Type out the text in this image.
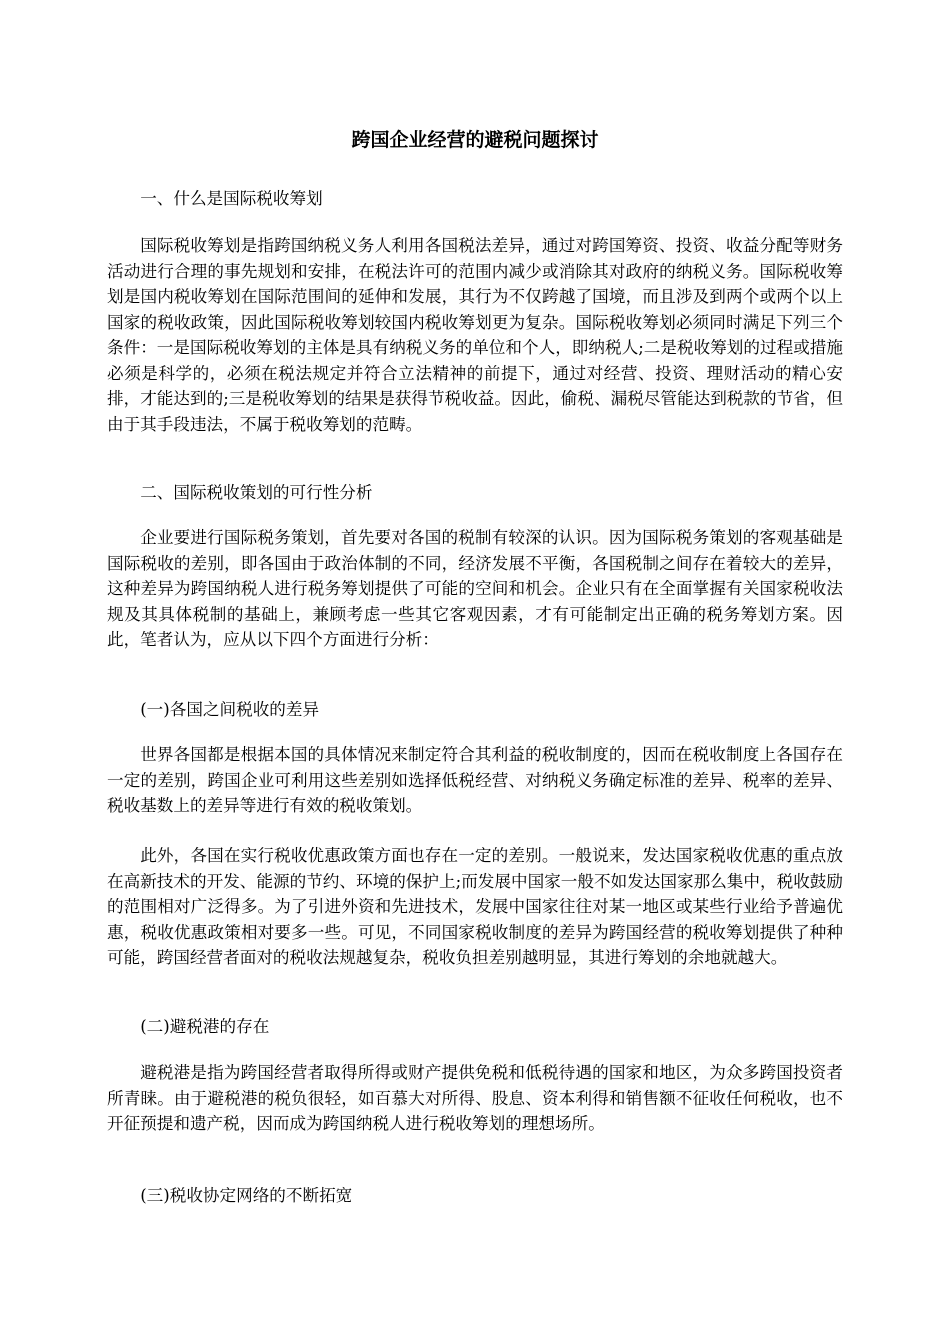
跨国企业经营的避税问题探讨

一、什么是国际税收筹划

国际税收筹划是指跨国纳税义务人利用各国税法差异，通过对跨国筹资、投资、收益分配等财务活动进行合理的事先规划和安排，在税法许可的范围内减少或消除其对政府的纳税义务。国际税收筹划是国内税收筹划在国际范围间的延伸和发展，其行为不仅跨越了国境，而且涉及到两个或两个以上国家的税收政策，因此国际税收筹划较国内税收筹划更为复杂。国际税收筹划必须同时满足下列三个条件：一是国际税收筹划的主体是具有纳税义务的单位和个人，即纳税人;二是税收筹划的过程或措施必须是科学的，必须在税法规定并符合立法精神的前提下，通过对经营、投资、理财活动的精心安排，才能达到的;三是税收筹划的结果是获得节税收益。因此，偷税、漏税尽管能达到税款的节省，但由于其手段违法，不属于税收筹划的范畴。

二、国际税收策划的可行性分析

企业要进行国际税务策划，首先要对各国的税制有较深的认识。因为国际税务策划的客观基础是国际税收的差别，即各国由于政治体制的不同，经济发展不平衡，各国税制之间存在着较大的差异，这种差异为跨国纳税人进行税务筹划提供了可能的空间和机会。企业只有在全面掌握有关国家税收法规及其具体税制的基础上，兼顾考虑一些其它客观因素，才有可能制定出正确的税务筹划方案。因此，笔者认为，应从以下四个方面进行分析：

(一)各国之间税收的差异

世界各国都是根据本国的具体情况来制定符合其利益的税收制度的，因而在税收制度上各国存在一定的差别，跨国企业可利用这些差别如选择低税经营、对纳税义务确定标准的差异、税率的差异、税收基数上的差异等进行有效的税收策划。

此外，各国在实行税收优惠政策方面也存在一定的差别。一般说来，发达国家税收优惠的重点放在高新技术的开发、能源的节约、环境的保护上;而发展中国家一般不如发达国家那么集中，税收鼓励的范围相对广泛得多。为了引进外资和先进技术，发展中国家往往对某一地区或某些行业给予普遍优惠，税收优惠政策相对要多一些。可见，不同国家税收制度的差异为跨国经营的税收筹划提供了种种可能，跨国经营者面对的税收法规越复杂，税收负担差别越明显，其进行筹划的余地就越大。

(二)避税港的存在

避税港是指为跨国经营者取得所得或财产提供免税和低税待遇的国家和地区，为众多跨国投资者所青睐。由于避税港的税负很轻，如百慕大对所得、股息、资本利得和销售额不征收任何税收，也不开征预提和遗产税，因而成为跨国纳税人进行税收筹划的理想场所。

(三)税收协定网络的不断拓宽
